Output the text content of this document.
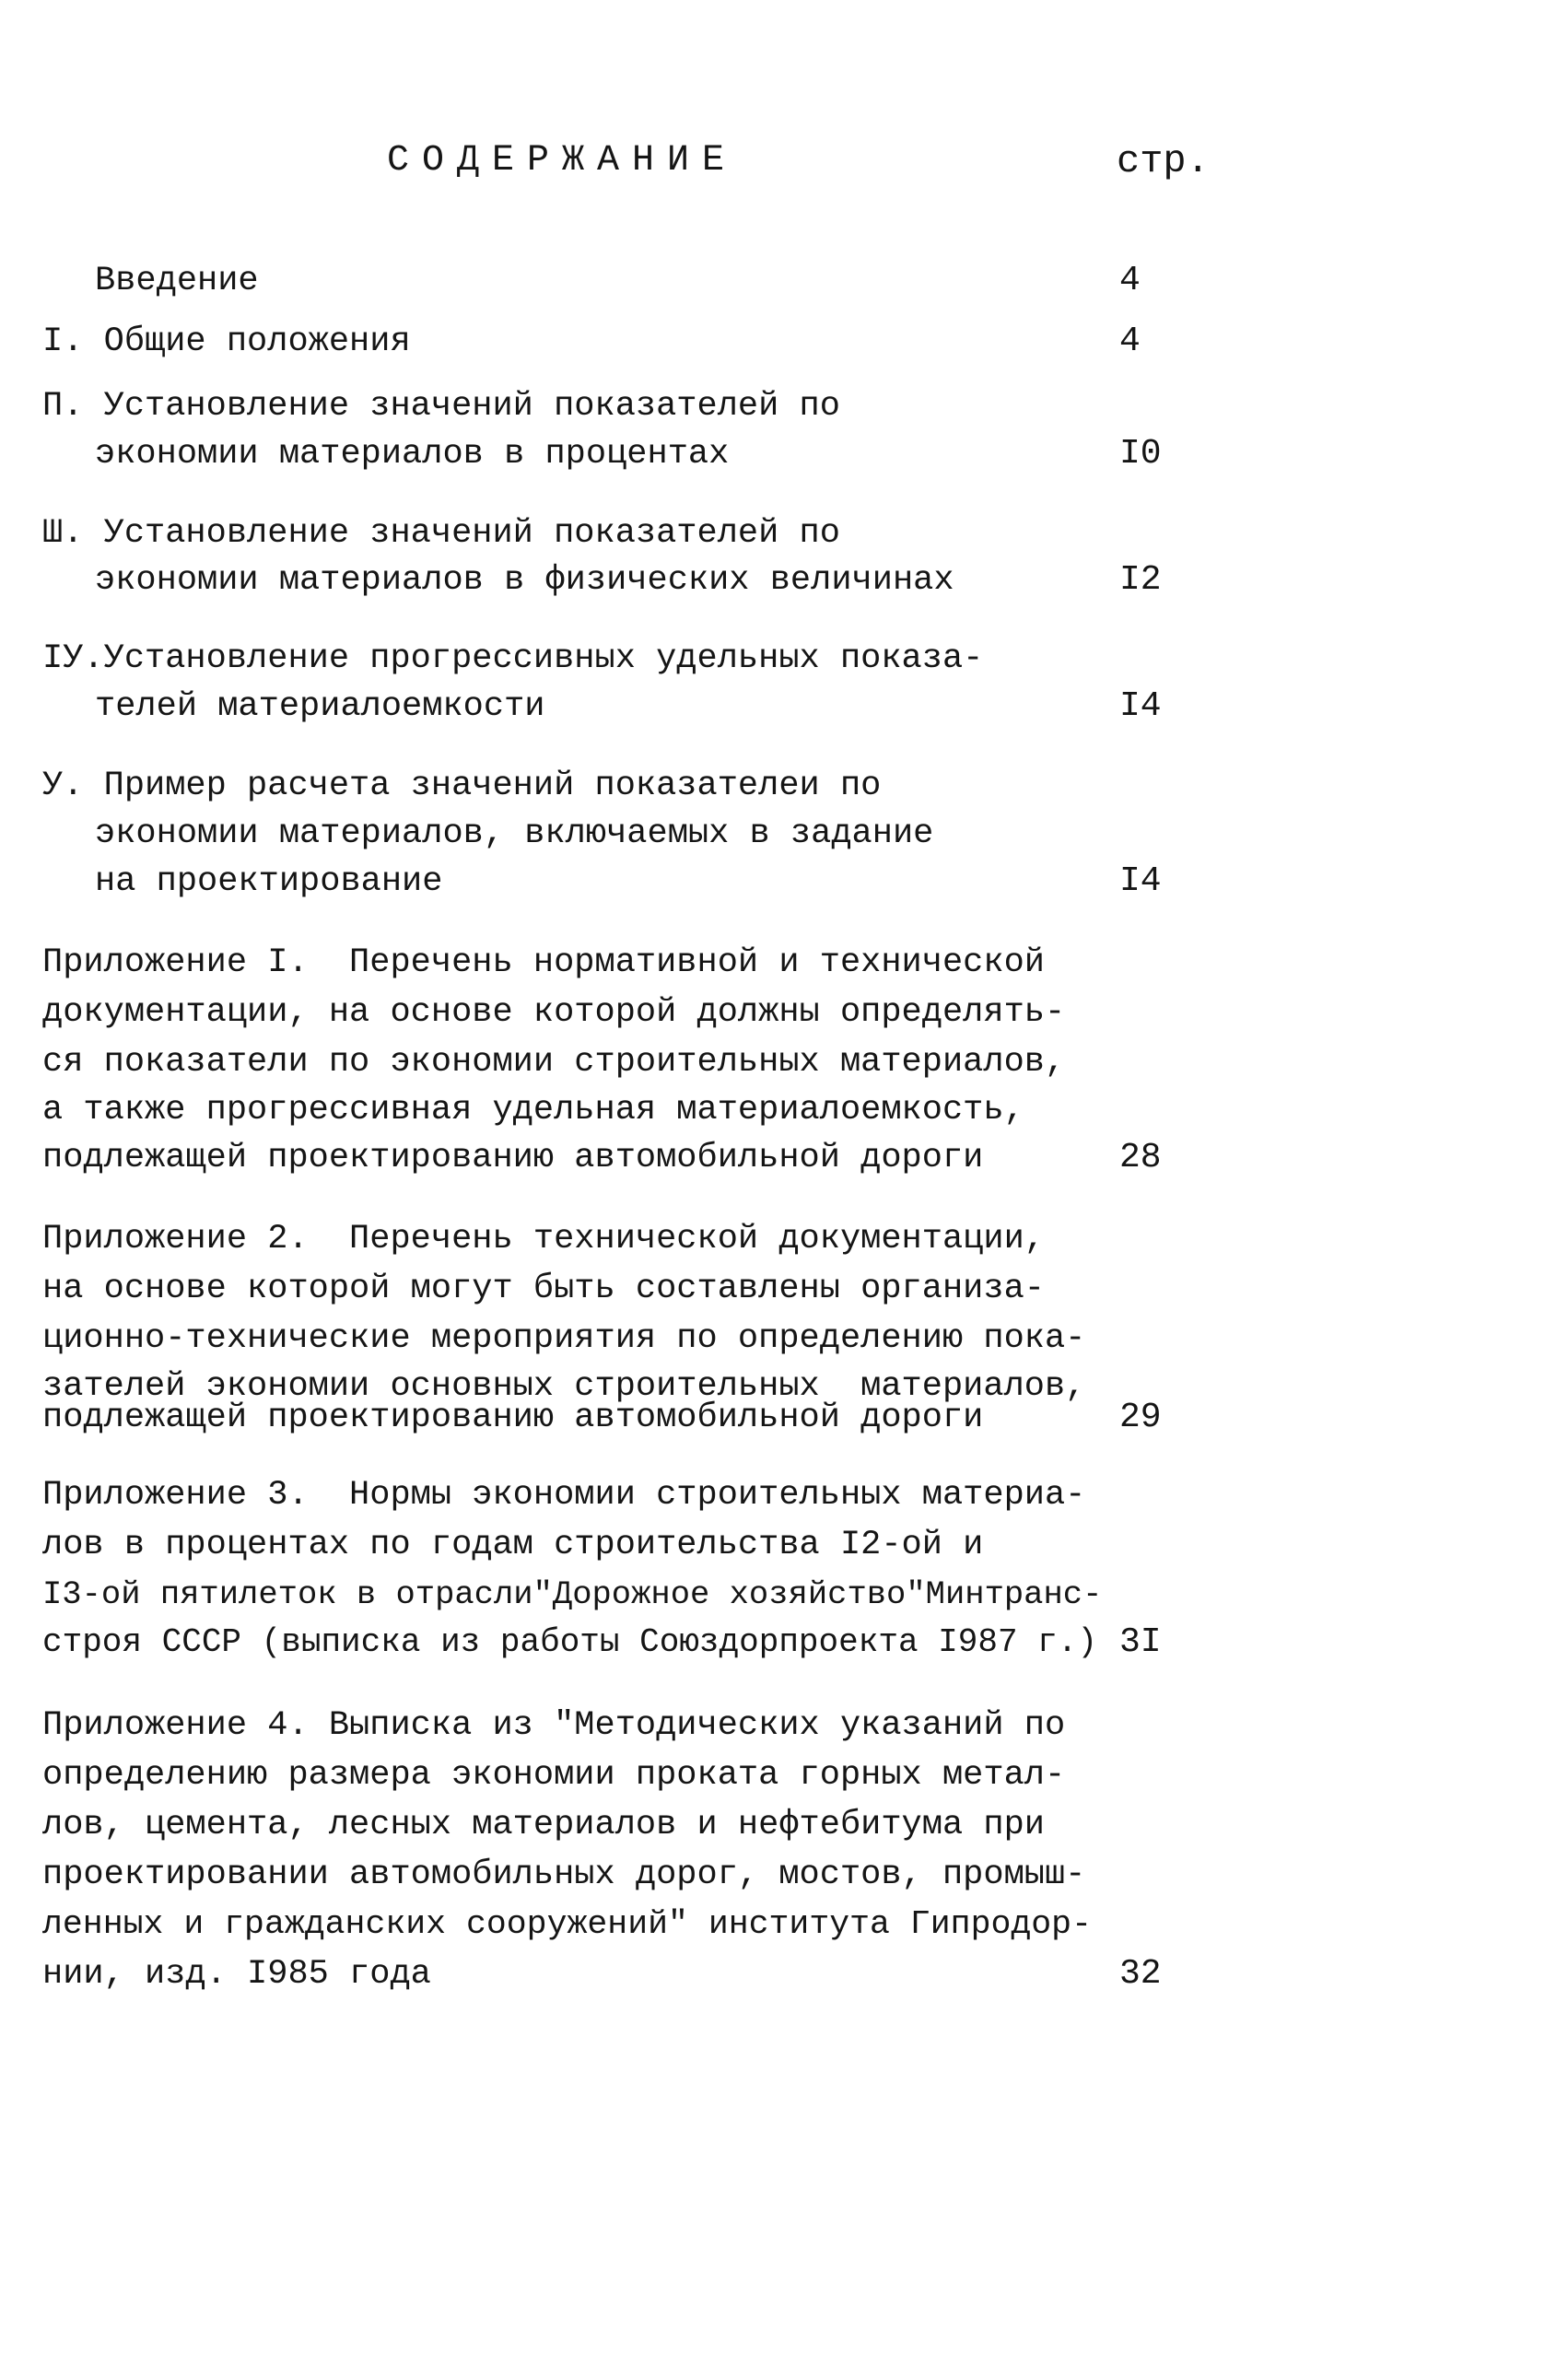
СОДЕРЖАНИЕ	стр.
Введение	4
I. Общие положения	4
П. Установление значений показателей по
экономии материалов в процентах	I0
Ш. Установление значений показателей по
экономии материалов в физических величинах	I2
IУ.Установление прогрессивных удельных показа-
телей материалоемкости	I4
У. Пример расчета значений показателеи по
экономии материалов, включаемых в задание
на проектирование	I4
Приложение I.  Перечень нормативной и технической
документации, на основе которой должны определять-
ся показатели по экономии строительных материалов,
а также прогрессивная удельная материалоемкость,
подлежащей проектированию автомобильной дороги	28
Приложение 2.  Перечень технической документации,
на основе которой могут быть составлены организа-
ционно-технические мероприятия по определению пока-
зателей экономии основных строительных  материалов,
подлежащей проектированию автомобильной дороги	29
Приложение 3.  Нормы экономии строительных материа-
лов в процентах по годам строительства I2-ой и
I3-ой пятилеток в отрасли"Дорожное хозяйство"Минтранс-
строя СССР (выписка из работы Союздорпроекта I987 г.) 3I
Приложение 4. Выписка из "Методических указаний по
определению размера экономии проката горных метал-
лов, цемента, лесных материалов и нефтебитума при
проектировании автомобильных дорог, мостов, промыш-
ленных и гражданских сооружений" института Гипродор-
нии, изд. I985 года	32
